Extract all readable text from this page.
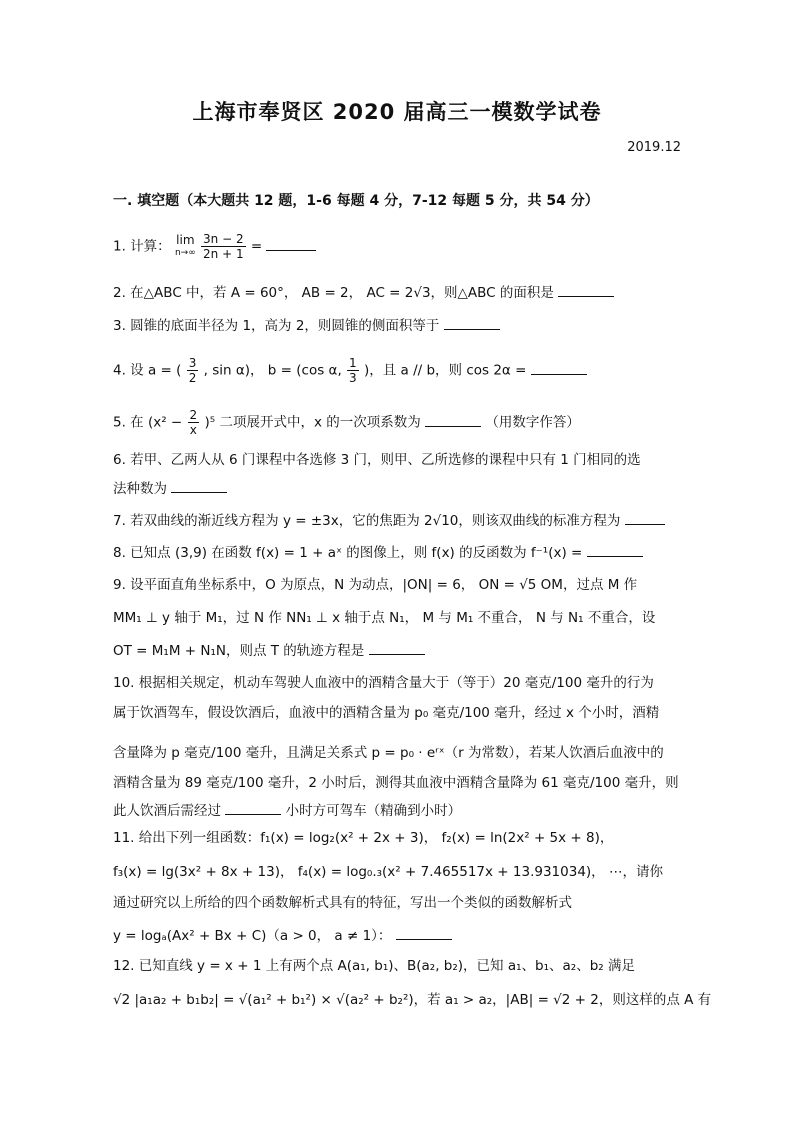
上海市奉贤区 2020 届高三一模数学试卷
2019.12
一. 填空题（本大题共 12 题，1-6 每题 4 分，7-12 每题 5 分，共 54 分）
1. 计算： lim
n→∞
$\frac{3n - 2}{2n + 1}$ =
2. 在△ABC 中，若 A = 60°， AB = 2， AC = 2√3，则△ABC 的面积是
3. 圆锥的底面半径为 1，高为 2，则圆锥的侧面积等于
4. 设 a = ( $\frac{3}{2}$ , sin α)， b = (cos α, $\frac{1}{3}$ )，且 a // b，则 cos 2α =
5. 在 $(x^2 - \frac{2}{x} )^5$ 二项展开式中，x 的一次项系数为	（用数字作答）
6. 若甲、乙两人从 6 门课程中各选修 3 门，则甲、乙所选修的课程中只有 1 门相同的选
法种数为
7. 若双曲线的渐近线方程为 y = ±3x，它的焦距为 2√10，则该双曲线的标准方程为
8. 已知点 (3,9) 在函数 f(x) = 1 + aˣ 的图像上，则 f(x) 的反函数为 f⁻¹(x) =
9. 设平面直角坐标系中，O 为原点，N 为动点，|ON| = 6， ON = √5 OM，过点 M 作
MM₁ ⊥ y 轴于 M₁，过 N 作 NN₁ ⊥ x 轴于点 N₁， M 与 M₁ 不重合， N 与 N₁ 不重合，设
OT = M₁M + N₁N，则点 T 的轨迹方程是
10. 根据相关规定，机动车驾驶人血液中的酒精含量大于（等于）20 毫克/100 毫升的行为
属于饮酒驾车，假设饮酒后，血液中的酒精含量为 p₀ 毫克/100 毫升，经过 x 个小时，酒精
含量降为 p 毫克/100 毫升，且满足关系式 p = p₀ · eʳˣ（r 为常数），若某人饮酒后血液中的
酒精含量为 89 毫克/100 毫升，2 小时后，测得其血液中酒精含量降为 61 毫克/100 毫升，则
此人饮酒后需经过	小时方可驾车（精确到小时）
11. 给出下列一组函数：f₁(x) = log₂(x² + 2x + 3)， f₂(x) = ln(2x² + 5x + 8)，
f₃(x) = lg(3x² + 8x + 13)， f₄(x) = log₀.₃(x² + 7.465517x + 13.931034)， ⋯，请你
通过研究以上所给的四个函数解析式具有的特征，写出一个类似的函数解析式
y = logₐ(Ax² + Bx + C)（a > 0， a ≠ 1）：
12. 已知直线 y = x + 1 上有两个点 A(a₁, b₁)、B(a₂, b₂)，已知 a₁、b₁、a₂、b₂ 满足
√2 |a₁a₂ + b₁b₂| = √(a₁² + b₁²) × √(a₂² + b₂²)，若 a₁ > a₂，|AB| = √2 + 2，则这样的点 A 有
